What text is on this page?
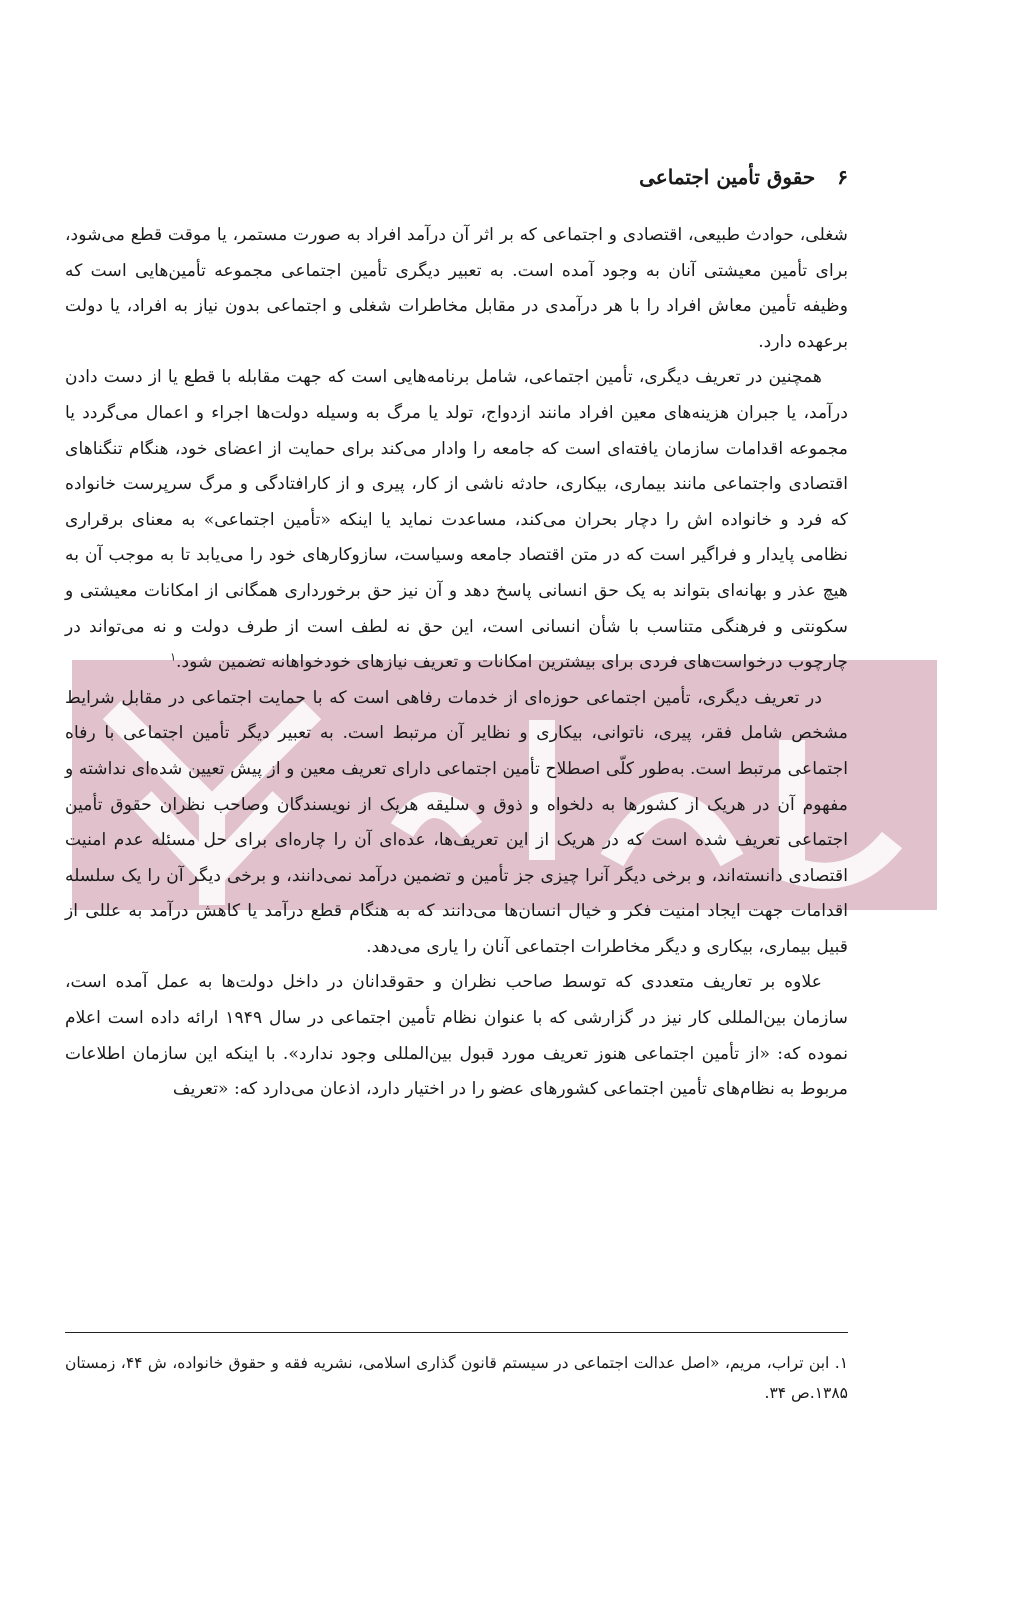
۶
حقوق تأمین اجتماعی

شغلی، حوادث طبیعی، اقتصادی و اجتماعی که بر اثر آن درآمد افراد به صورت مستمر، یا موقت قطع می‌شود، برای تأمین معیشتی آنان به وجود آمده است. به تعبیر دیگری تأمین اجتماعی مجموعه تأمین‌هایی است که وظیفه تأمین معاش افراد را با هر درآمدی در مقابل مخاطرات شغلی و اجتماعی بدون نیاز به افراد، یا دولت برعهده دارد.

همچنین در تعریف دیگری، تأمین اجتماعی، شامل برنامه‌هایی است که جهت مقابله با قطع یا از دست دادن درآمد، یا جبران هزینه‌های معین افراد مانند ازدواج، تولد یا مرگ به وسیله دولت‌ها اجراء و اعمال می‌گردد یا مجموعه اقدامات سازمان یافته‌ای است که جامعه را وادار می‌کند برای حمایت از اعضای خود، هنگام تنگناهای اقتصادی واجتماعی مانند بیماری، بیکاری، حادثه ناشی از کار، پیری و از کارافتادگی و مرگ سرپرست خانواده که فرد و خانواده اش را دچار بحران می‌کند، مساعدت نماید یا اینکه «تأمین اجتماعی» به معنای برقراری نظامی پایدار و فراگیر است که در متن اقتصاد جامعه وسیاست، سازوکارهای خود را می‌یابد تا به موجب آن به هیچ عذر و بهانه‌ای بتواند به یک حق انسانی پاسخ دهد و آن نیز حق برخورداری همگانی از امکانات معیشتی و سکونتی و فرهنگی متناسب با شأن انسانی است، این حق نه لطف است از طرف دولت و نه می‌تواند در چارچوب درخواست‌های فردی برای بیشترین امکانات و تعریف نیازهای خودخواهانه تضمین شود.$^۱$

در تعریف دیگری، تأمین اجتماعی حوزه‌ای از خدمات رفاهی است که با حمایت اجتماعی در مقابل شرایط مشخص شامل فقر، پیری، ناتوانی، بیکاری و نظایر آن مرتبط است. به تعبیر دیگر تأمین اجتماعی با رفاه اجتماعی مرتبط است. به‌طور کلّی اصطلاح تأمین اجتماعی دارای تعریف معین و از پیش تعیین شده‌ای نداشته و مفهوم آن در هریک از کشورها به دلخواه و ذوق و سلیقه هریک از نویسندگان وصاحب نظران حقوق تأمین اجتماعی تعریف شده است که در هریک از این تعریف‌ها، عده‌ای آن را چاره‌ای برای حل مسئله عدم امنیت اقتصادی دانسته‌اند، و برخی دیگر آنرا چیزی جز تأمین و تضمین درآمد نمی‌دانند، و برخی دیگر آن را یک سلسله اقدامات جهت ایجاد امنیت فکر و خیال انسان‌ها می‌دانند که به هنگام قطع درآمد یا کاهش درآمد به عللی از قبیل بیماری، بیکاری و دیگر مخاطرات اجتماعی آنان را یاری می‌دهد.

علاوه بر تعاریف متعددی که توسط صاحب نظران و حقوقدانان در داخل دولت‌ها به عمل آمده است، سازمان بین‌المللی کار نیز در گزارشی که با عنوان نظام تأمین اجتماعی در سال ۱۹۴۹ ارائه داده است اعلام نموده که: «از تأمین اجتماعی هنوز تعریف مورد قبول بین‌المللی وجود ندارد». با اینکه این سازمان اطلاعات مربوط به نظام‌های تأمین اجتماعی کشورهای عضو را در اختیار دارد، اذعان می‌دارد که: «تعریف

۱. ابن تراب، مریم، «اصل عدالت اجتماعی در سیستم قانون گذاری اسلامی، نشریه فقه و حقوق خانواده، ش ۴۴، زمستان ۱۳۸۵.ص ۳۴.
